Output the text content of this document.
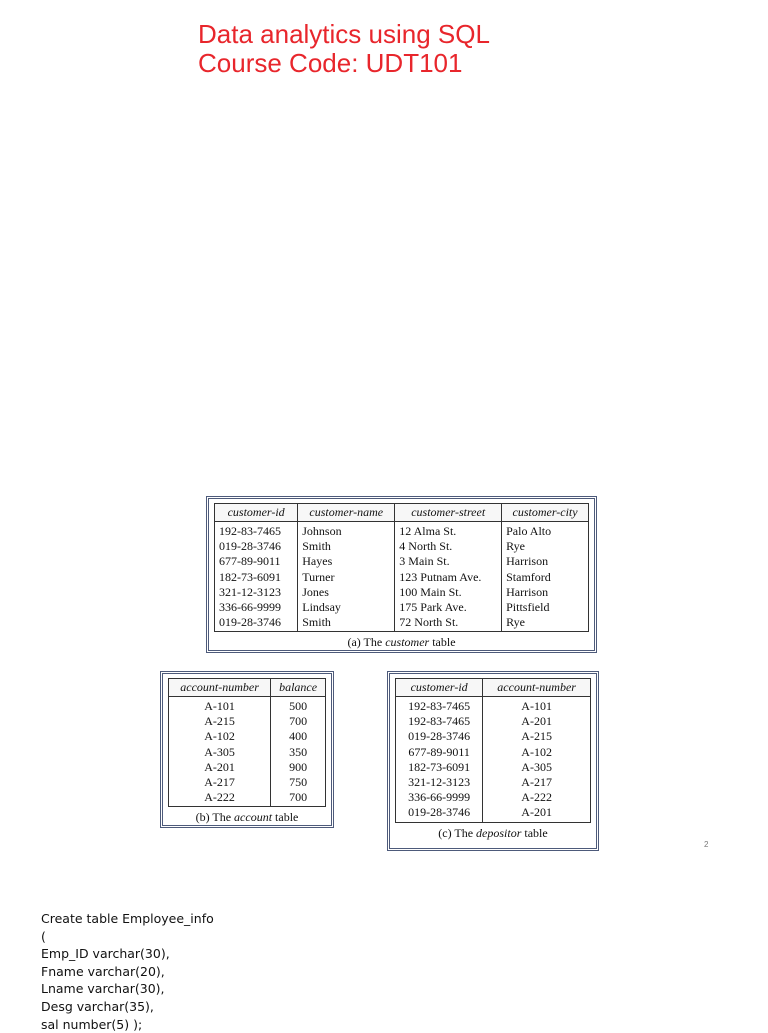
Data analytics using SQL
Course Code: UDT101
customer-id	customer-name	customer-street	customer-city
192-83-7465	Johnson	12 Alma St.	Palo Alto
019-28-3746	Smith	4 North St.	Rye
677-89-9011	Hayes	3 Main St.	Harrison
182-73-6091	Turner	123 Putnam Ave.	Stamford
321-12-3123	Jones	100 Main St.	Harrison
336-66-9999	Lindsay	175 Park Ave.	Pittsfield
019-28-3746	Smith	72 North St.	Rye
(a) The customer table
account-number	balance
A-101	500
A-215	700
A-102	400
A-305	350
A-201	900
A-217	750
A-222	700
(b) The account table
customer-id	account-number
192-83-7465	A-101
192-83-7465	A-201
019-28-3746	A-215
677-89-9011	A-102
182-73-6091	A-305
321-12-3123	A-217
336-66-9999	A-222
019-28-3746	A-201
(c) The depositor table
2
Create table Employee_info
(
Emp_ID varchar(30),
Fname varchar(20),
Lname varchar(30),
Desg varchar(35),
sal number(5) );
